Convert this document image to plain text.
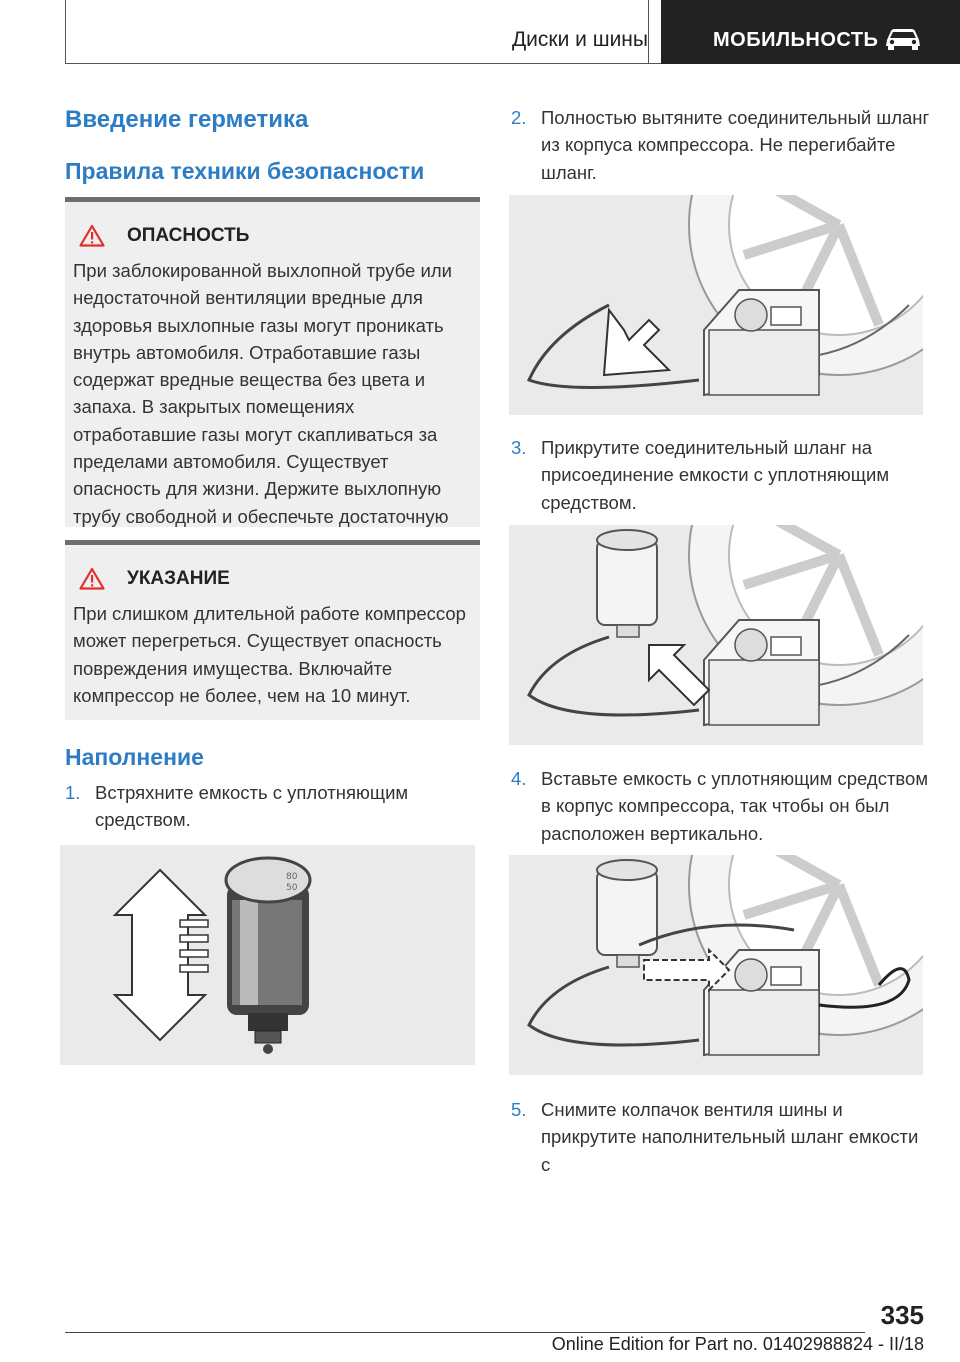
Диски и шины	МОБИЛЬНОСТЬ
Введение герметика
Правила техники безопасности
ОПАСНОСТЬ
При заблокированной выхлопной трубе или недостаточной вентиляции вредные для здоровья выхлопные газы могут проникать внутрь автомобиля. Отработавшие газы содержат вредные вещества без цвета и запаха. В закрытых помещениях отработавшие газы могут скапливаться за пределами автомобиля. Существует опасность для жизни. Держите выхлопную трубу свободной и обеспечьте достаточную
УКАЗАНИЕ
При слишком длительной работе компрессор может перегреться. Существует опасность повреждения имущества. Включайте компрессор не более, чем на 10 минут.
Наполнение
1. Встряхните емкость с уплотняющим средством.
80
50
2. Полностью вытяните соединительный шланг из корпуса компрессора. Не перегибайте шланг.
3. Прикрутите соединительный шланг на присоединение емкости с уплотняющим средством.
4. Вставьте емкость с уплотняющим средством в корпус компрессора, так чтобы он был расположен вертикально.
5. Снимите колпачок вентиля шины и прикрутите наполнительный шланг емкости с
335
Online Edition for Part no. 01402988824 - II/18
